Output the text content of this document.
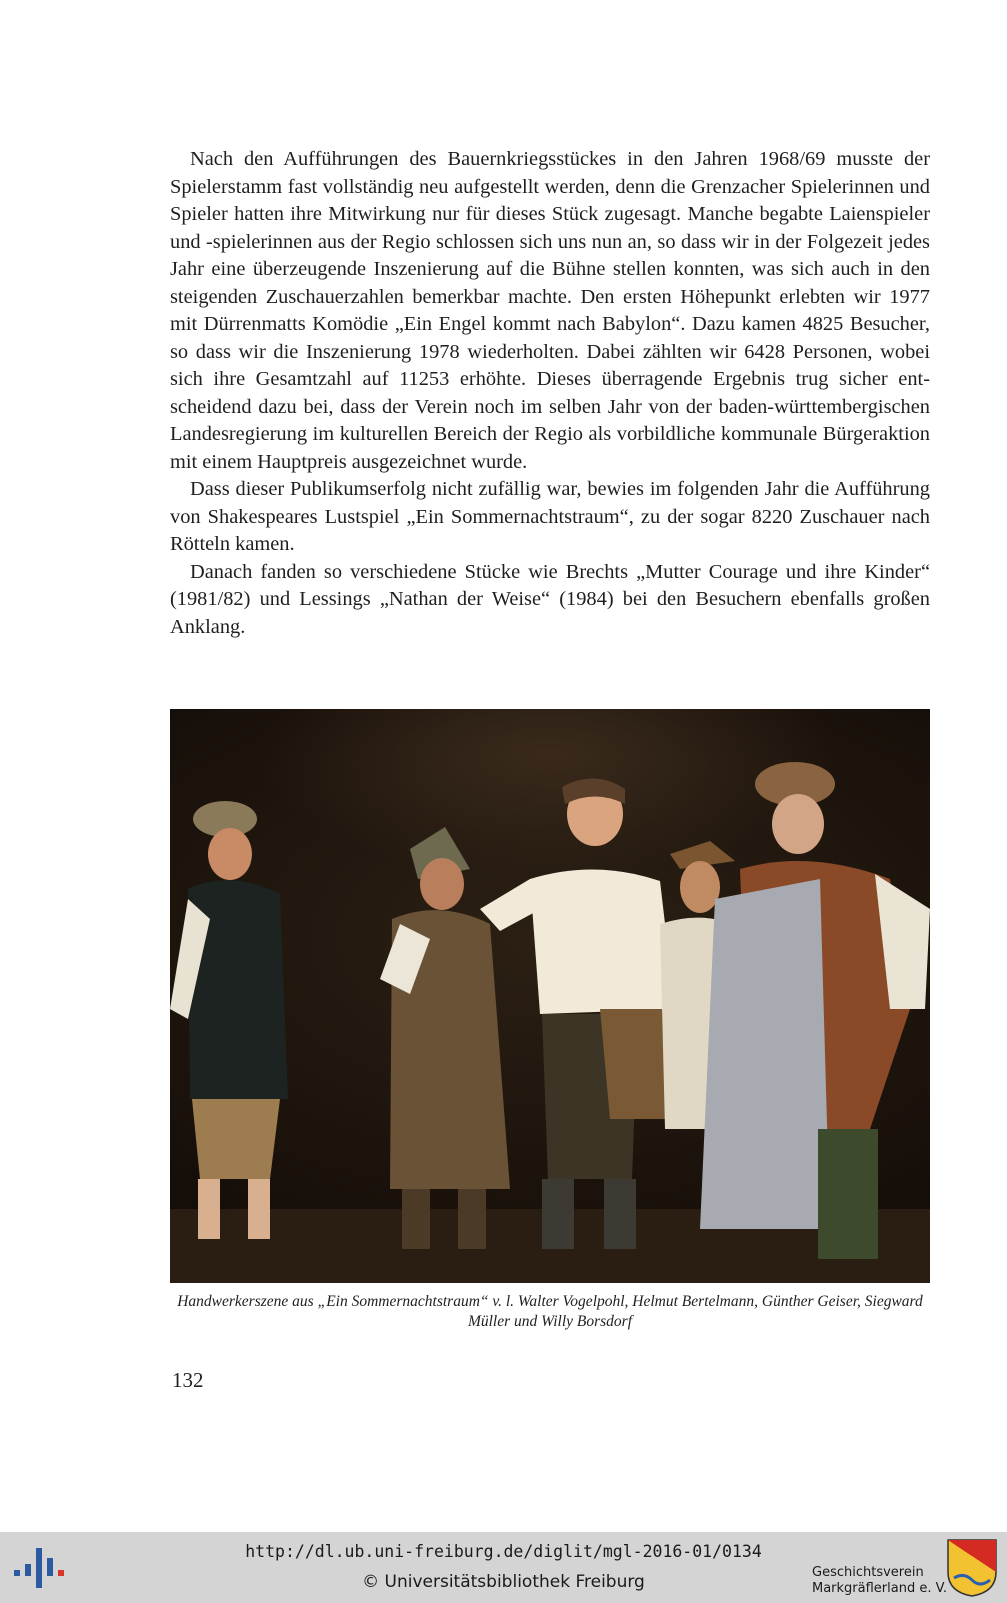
Nach den Aufführungen des Bauernkriegsstückes in den Jahren 1968/69 musste der Spielerstamm fast vollständig neu aufgestellt werden, denn die Grenzacher Spielerinnen und Spieler hatten ihre Mitwirkung nur für dieses Stück zugesagt. Manche begabte Laienspieler und -spielerinnen aus der Regio schlossen sich uns nun an, so dass wir in der Folgezeit jedes Jahr eine überzeugende Inszenierung auf die Bühne stellen konnten, was sich auch in den steigenden Zuschauerzahlen bemerkbar machte. Den ersten Höhepunkt erlebten wir 1977 mit Dürrenmatts Komödie „Ein Engel kommt nach Babylon“. Dazu kamen 4825 Besucher, so dass wir die Inszenierung 1978 wiederholten. Dabei zählten wir 6428 Personen, wobei sich ihre Gesamtzahl auf 11253 erhöhte. Dieses überragende Ergebnis trug sicher entscheidend dazu bei, dass der Verein noch im selben Jahr von der baden-württembergischen Landesregierung im kulturellen Bereich der Regio als vorbildliche kommunale Bürgeraktion mit einem Hauptpreis ausgezeichnet wurde.

Dass dieser Publikumserfolg nicht zufällig war, bewies im folgenden Jahr die Aufführung von Shakespeares Lustspiel „Ein Sommernachtstraum“, zu der sogar 8220 Zuschauer nach Rötteln kamen.

Danach fanden so verschiedene Stücke wie Brechts „Mutter Courage und ihre Kinder“ (1981/82) und Lessings „Nathan der Weise“ (1984) bei den Besuchern ebenfalls großen Anklang.

Handwerkerszene aus „Ein Sommernachtstraum“ v. l. Walter Vogelpohl, Helmut Bertelmann, Günther Geiser, Siegward Müller und Willy Borsdorf
132
http://dl.ub.uni-freiburg.de/diglit/mgl-2016-01/0134
© Universitätsbibliothek Freiburg	Geschichtsverein
Markgräflerland e. V.
